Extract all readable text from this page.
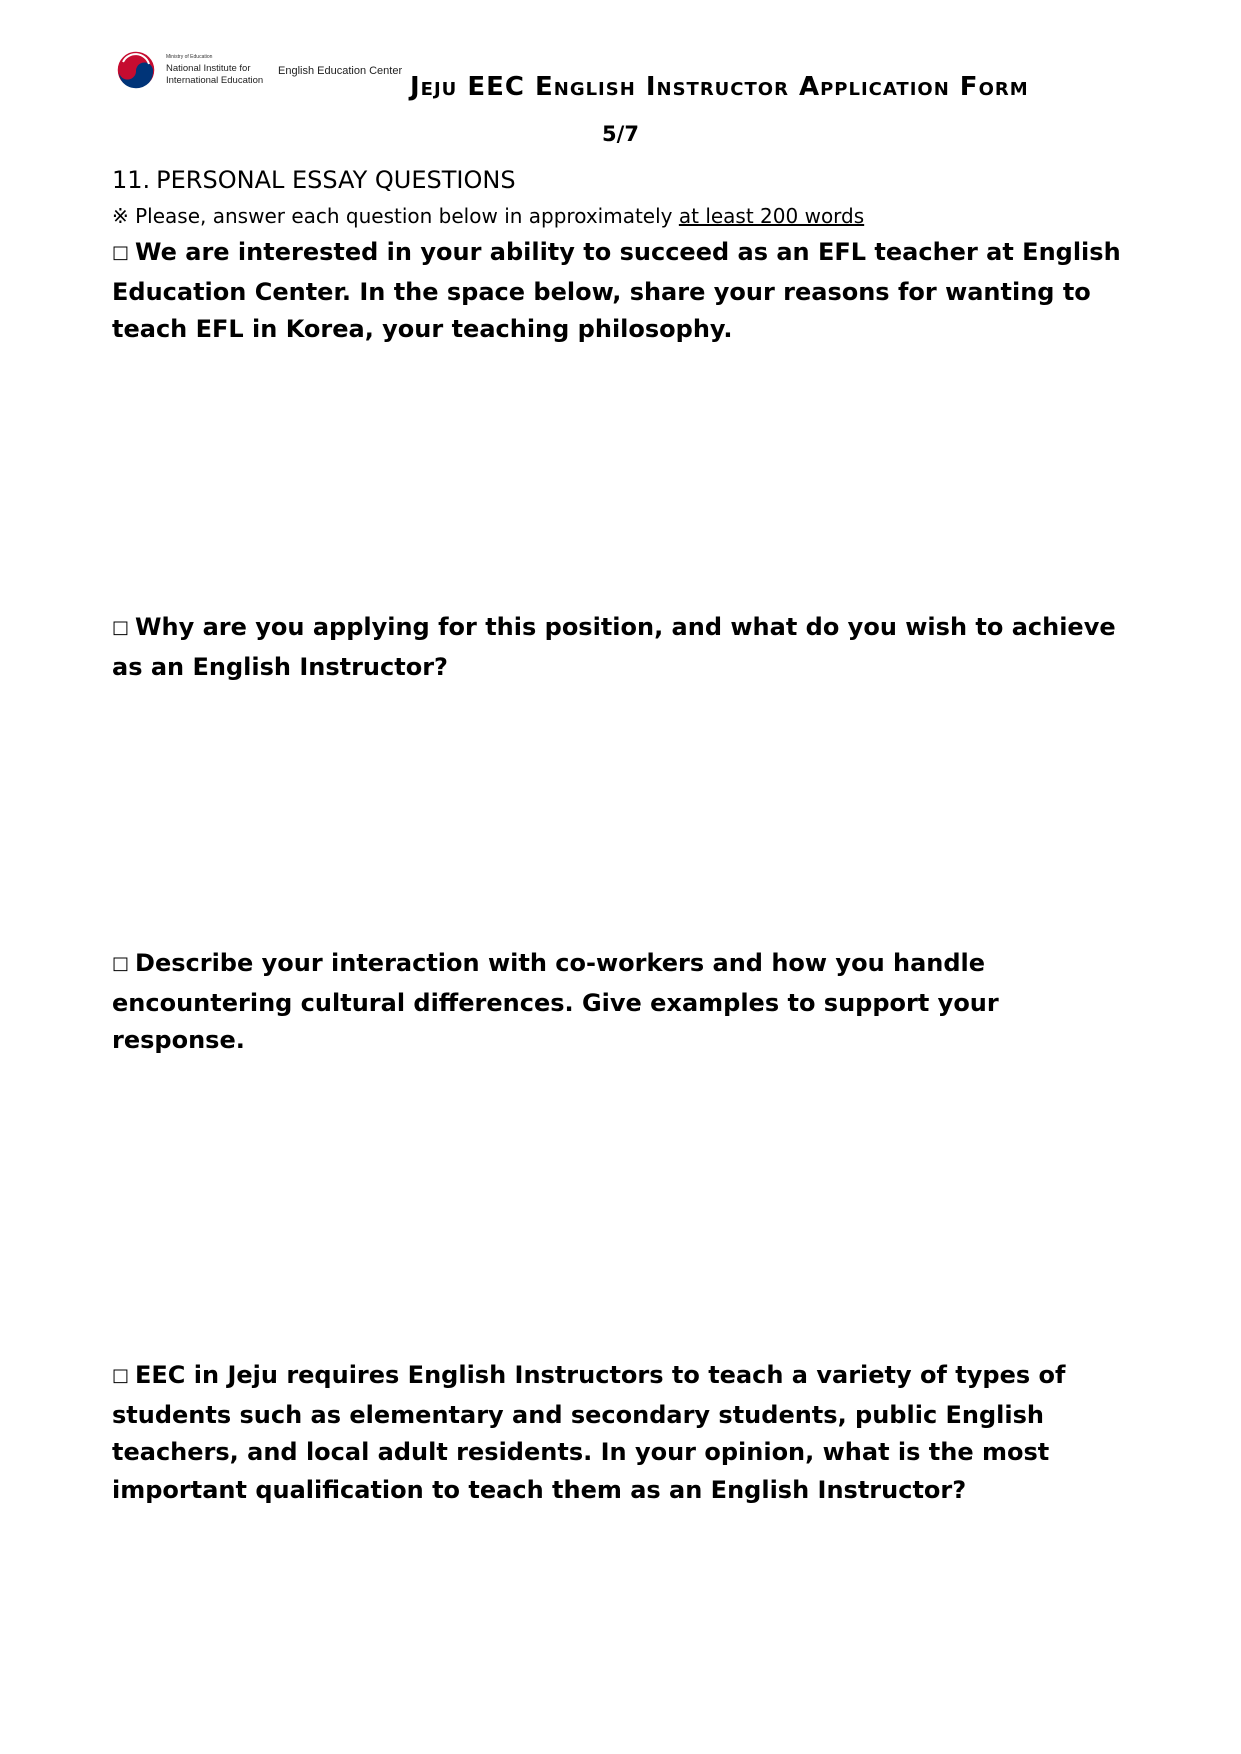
Ministry of Education
National Institute for
International Education
English Education Center
Jeju EEC English Instructor Application Form
5/7
11. PERSONAL ESSAY QUESTIONS
※ Please, answer each question below in approximately at least 200 words

□ We are interested in your ability to succeed as an EFL teacher at English Education Center. In the space below, share your reasons for wanting to teach EFL in Korea, your teaching philosophy.

□ Why are you applying for this position, and what do you wish to achieve as an English Instructor?

□ Describe your interaction with co-workers and how you handle encountering cultural differences. Give examples to support your response.

□ EEC in Jeju requires English Instructors to teach a variety of types of students such as elementary and secondary students, public English teachers, and local adult residents. In your opinion, what is the most important qualification to teach them as an English Instructor?
